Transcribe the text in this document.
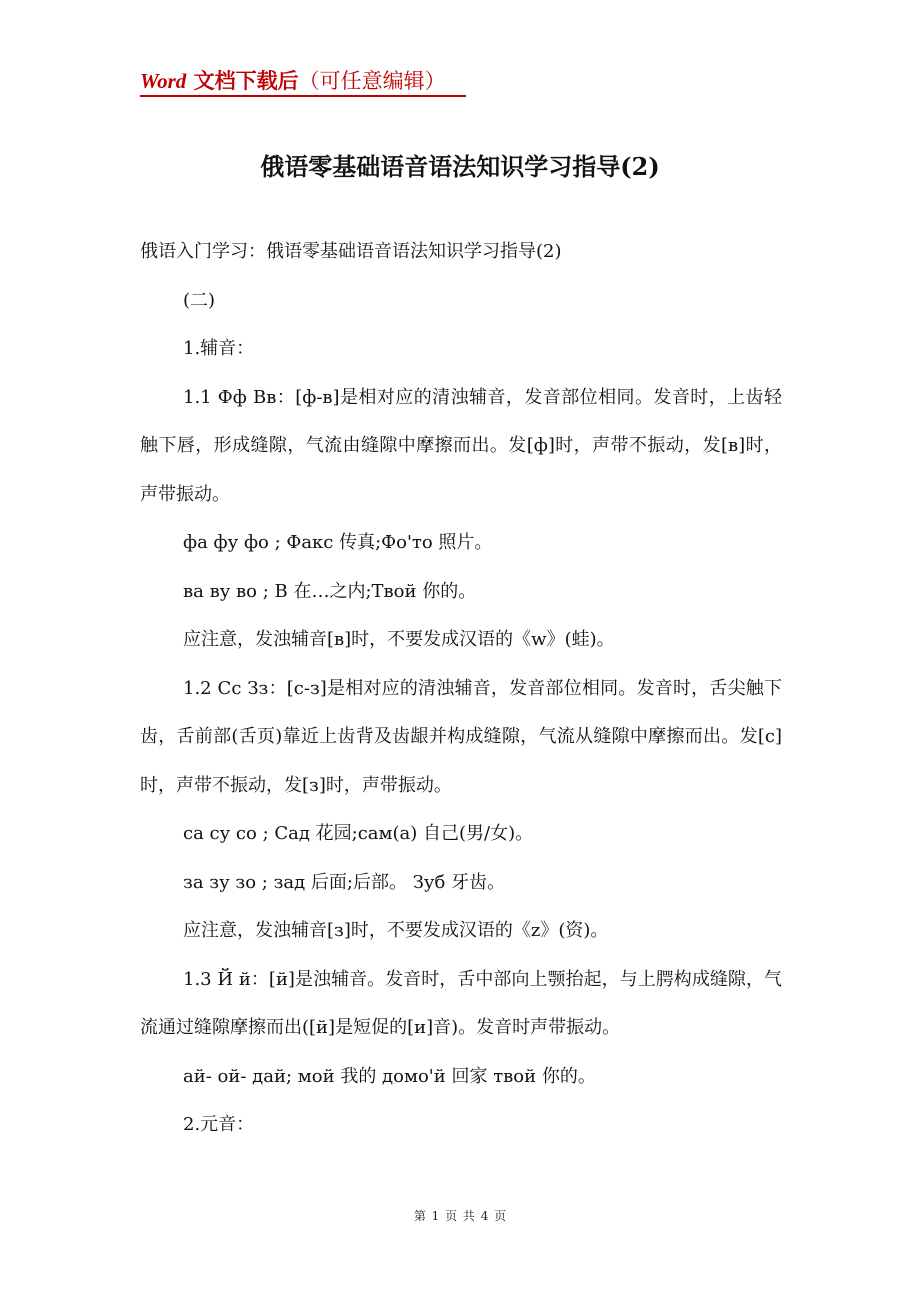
Word 文档下载后（可任意编辑）
俄语零基础语音语法知识学习指导(2)

俄语入门学习：俄语零基础语音语法知识学习指导(2)

(二)

1.辅音：

1.1 Фф Вв：[ф-в]是相对应的清浊辅音，发音部位相同。发音时，上齿轻触下唇，形成缝隙，气流由缝隙中摩擦而出。发[ф]时，声带不振动，发[в]时，声带振动。

фа фу фо ; Факс 传真;Фо'то 照片。

ва ву во ; В 在…之内;Твой 你的。

应注意，发浊辅音[в]时，不要发成汉语的《w》(蛙)。

1.2 Сс Зз：[с-з]是相对应的清浊辅音，发音部位相同。发音时，舌尖触下齿，舌前部(舌页)靠近上齿背及齿龈并构成缝隙，气流从缝隙中摩擦而出。发[с]时，声带不振动，发[з]时，声带振动。

са су со ; Сад 花园;сам(а) 自己(男/女)。

за зу зо ; зад 后面;后部。 Зуб 牙齿。

应注意，发浊辅音[з]时，不要发成汉语的《z》(资)。

1.3 Й й：[й]是浊辅音。发音时，舌中部向上颚抬起，与上腭构成缝隙，气流通过缝隙摩擦而出([й]是短促的[и]音)。发音时声带振动。

ай- ой- дай; мой 我的 домо'й 回家 твой 你的。

2.元音：

第 1 页 共 4 页
